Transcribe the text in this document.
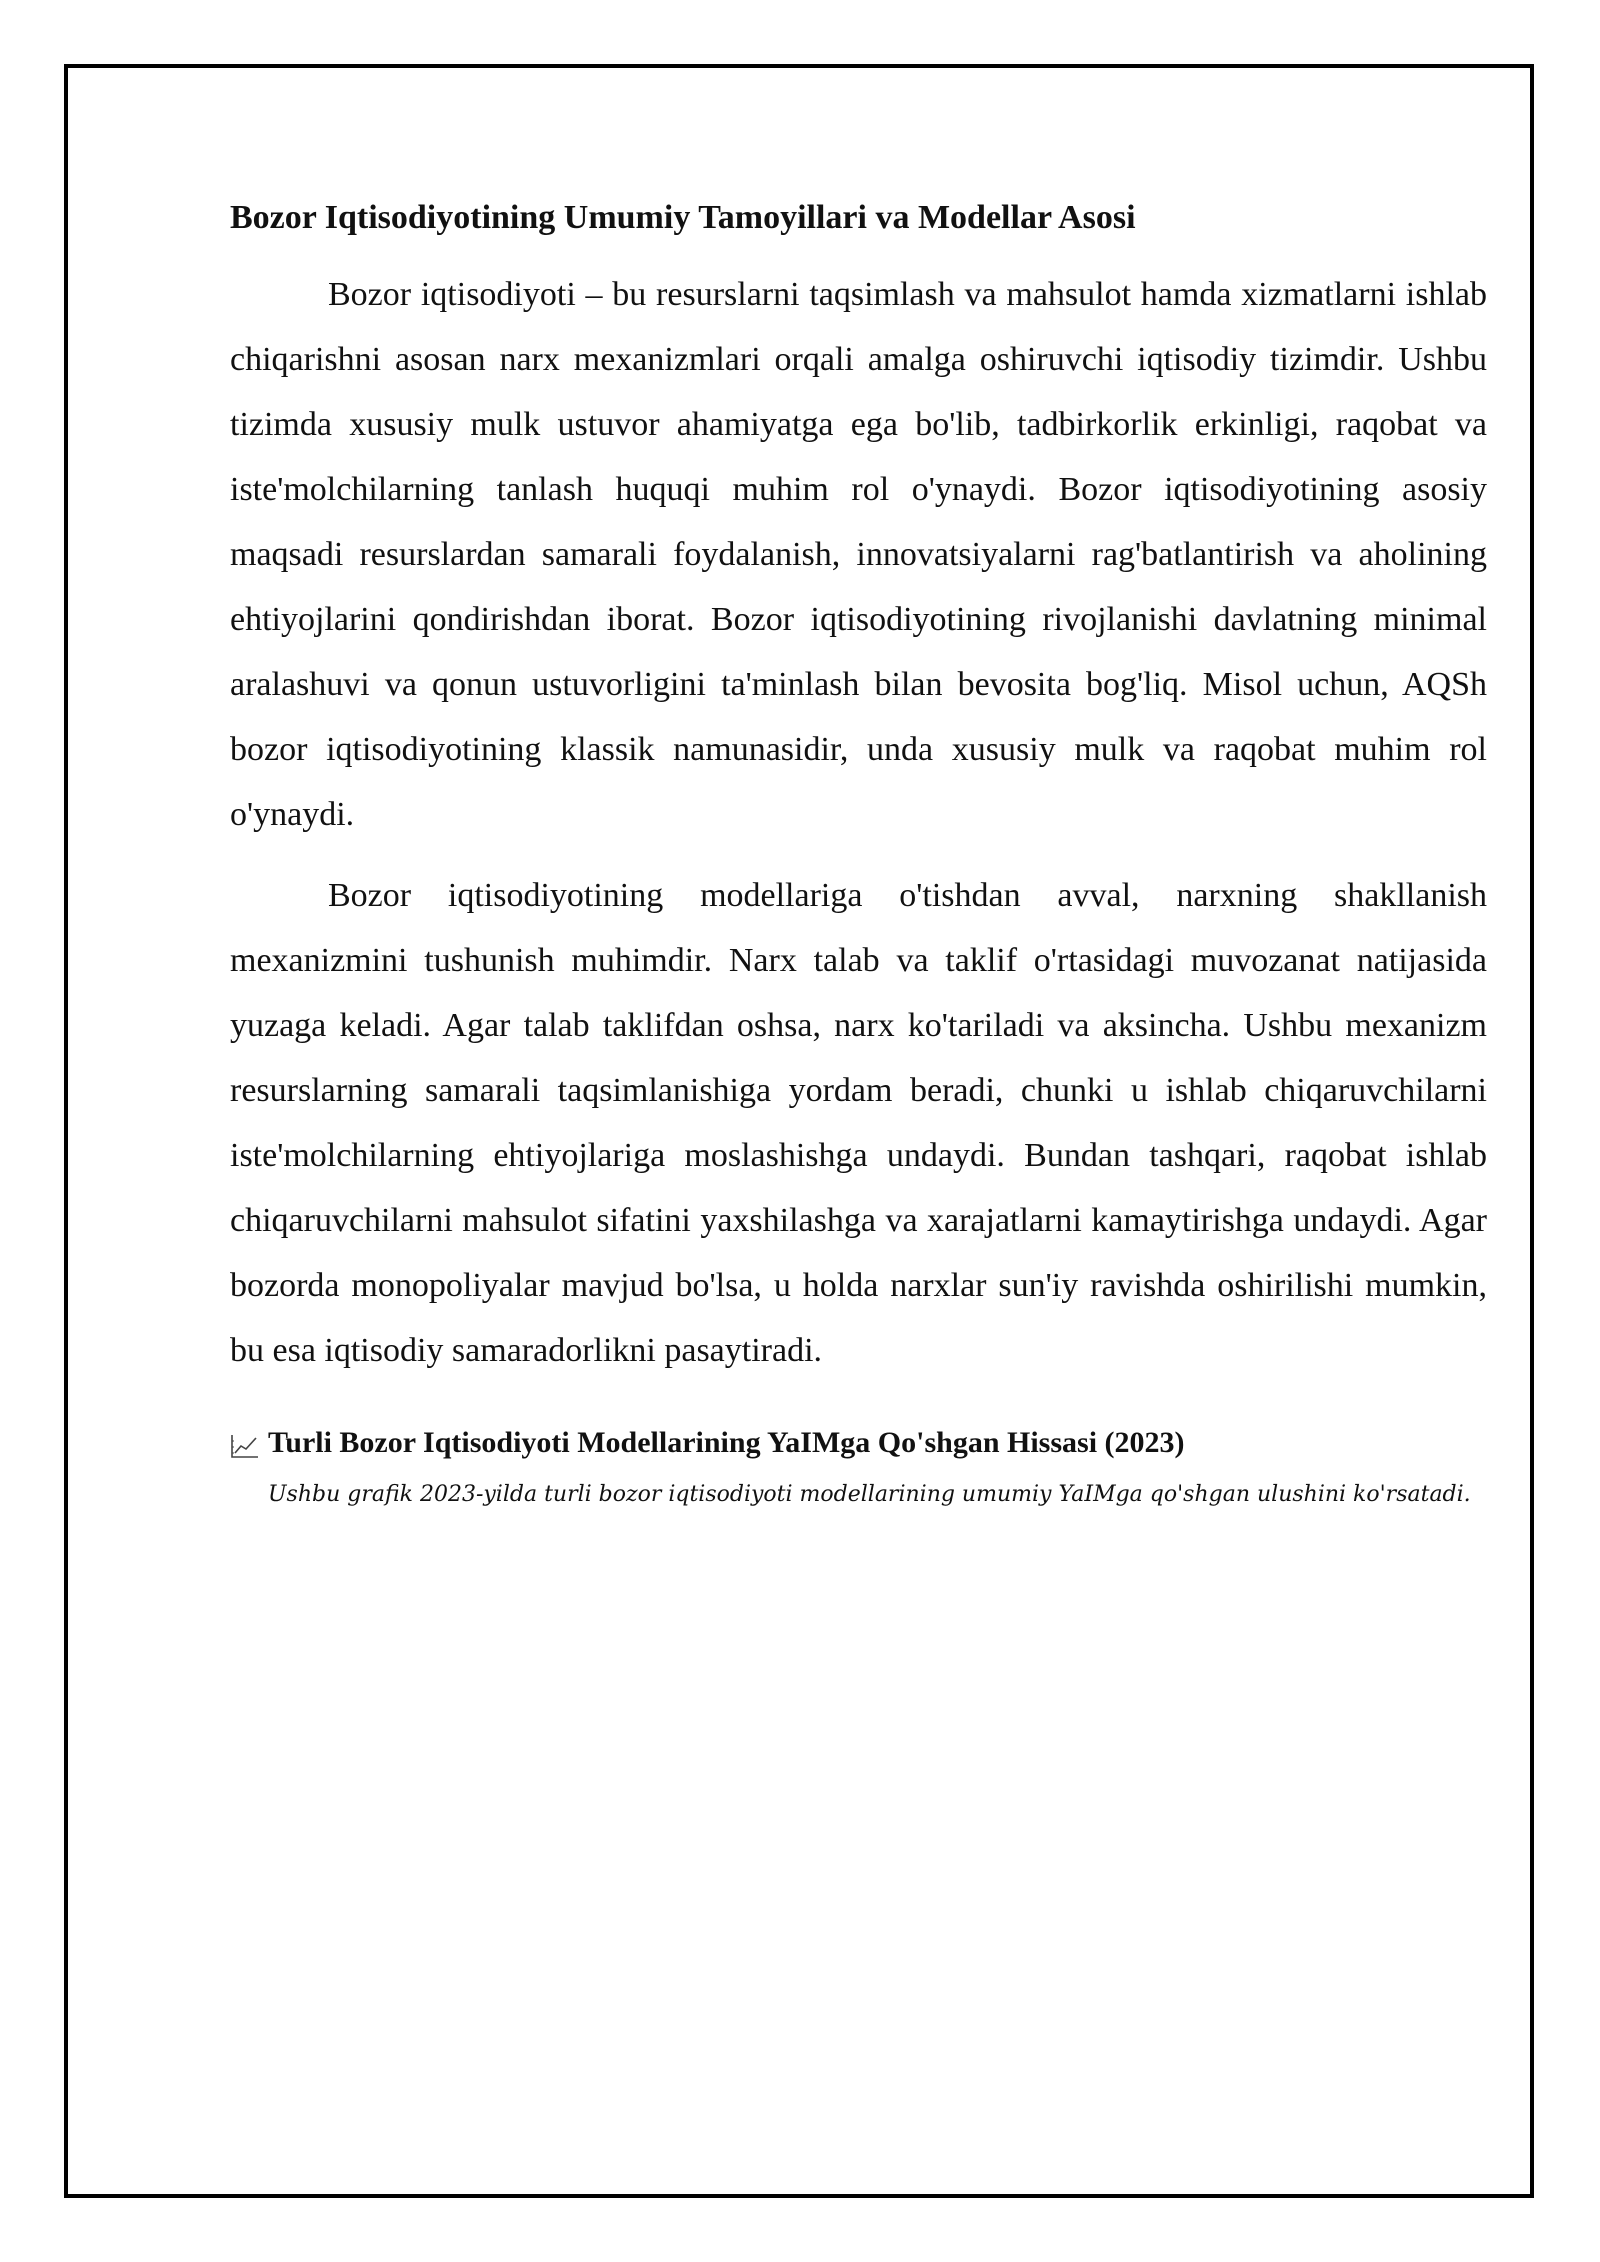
Bozor Iqtisodiyotining Umumiy Tamoyillari va Modellar Asosi

Bozor iqtisodiyoti – bu resurslarni taqsimlash va mahsulot hamda xizmatlarni ishlab chiqarishni asosan narx mexanizmlari orqali amalga oshiruvchi iqtisodiy tizimdir. Ushbu tizimda xususiy mulk ustuvor ahamiyatga ega bo'lib, tadbirkorlik erkinligi, raqobat va iste'molchilarning tanlash huquqi muhim rol o'ynaydi. Bozor iqtisodiyotining asosiy maqsadi resurslardan samarali foydalanish, innovatsiyalarni rag'batlantirish va aholining ehtiyojlarini qondirishdan iborat. Bozor iqtisodiyotining rivojlanishi davlatning minimal aralashuvi va qonun ustuvorligini ta'minlash bilan bevosita bog'liq. Misol uchun, AQSh bozor iqtisodiyotining klassik namunasidir, unda xususiy mulk va raqobat muhim rol o'ynaydi.

Bozor iqtisodiyotining modellariga o'tishdan avval, narxning shakllanish mexanizmini tushunish muhimdir. Narx talab va taklif o'rtasidagi muvozanat natijasida yuzaga keladi. Agar talab taklifdan oshsa, narx ko'tariladi va aksincha. Ushbu mexanizm resurslarning samarali taqsimlanishiga yordam beradi, chunki u ishlab chiqaruvchilarni iste'molchilarning ehtiyojlariga moslashishga undaydi. Bundan tashqari, raqobat ishlab chiqaruvchilarni mahsulot sifatini yaxshilashga va xarajatlarni kamaytirishga undaydi. Agar bozorda monopoliyalar mavjud bo'lsa, u holda narxlar sun'iy ravishda oshirilishi mumkin, bu esa iqtisodiy samaradorlikni pasaytiradi.

Turli Bozor Iqtisodiyoti Modellarining YaIMga Qo'shgan Hissasi (2023)
Ushbu grafik 2023-yilda turli bozor iqtisodiyoti modellarining umumiy YaIMga qo'shgan ulushini ko'rsatadi.
